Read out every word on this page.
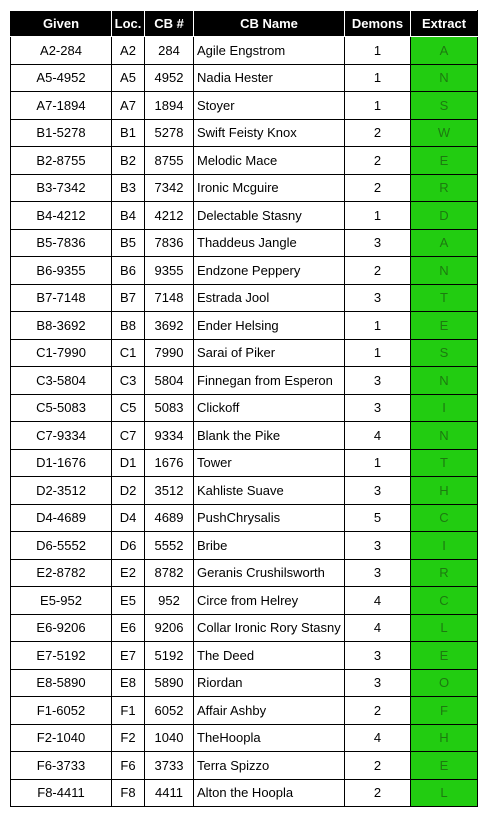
Given	Loc.	CB #	CB Name	Demons	Extract
A2-284	A2	284	Agile Engstrom	1	A
A5-4952	A5	4952	Nadia Hester	1	N
A7-1894	A7	1894	Stoyer	1	S
B1-5278	B1	5278	Swift Feisty Knox	2	W
B2-8755	B2	8755	Melodic Mace	2	E
B3-7342	B3	7342	Ironic Mcguire	2	R
B4-4212	B4	4212	Delectable Stasny	1	D
B5-7836	B5	7836	Thaddeus Jangle	3	A
B6-9355	B6	9355	Endzone Peppery	2	N
B7-7148	B7	7148	Estrada Jool	3	T
B8-3692	B8	3692	Ender Helsing	1	E
C1-7990	C1	7990	Sarai of Piker	1	S
C3-5804	C3	5804	Finnegan from Esperon	3	N
C5-5083	C5	5083	Clickoff	3	I
C7-9334	C7	9334	Blank the Pike	4	N
D1-1676	D1	1676	Tower	1	T
D2-3512	D2	3512	Kahliste Suave	3	H
D4-4689	D4	4689	PushChrysalis	5	C
D6-5552	D6	5552	Bribe	3	I
E2-8782	E2	8782	Geranis Crushilsworth	3	R
E5-952	E5	952	Circe from Helrey	4	C
E6-9206	E6	9206	Collar Ironic Rory Stasny	4	L
E7-5192	E7	5192	The Deed	3	E
E8-5890	E8	5890	Riordan	3	O
F1-6052	F1	6052	Affair Ashby	2	F
F2-1040	F2	1040	TheHoopla	4	H
F6-3733	F6	3733	Terra Spizzo	2	E
F8-4411	F8	4411	Alton the Hoopla	2	L
